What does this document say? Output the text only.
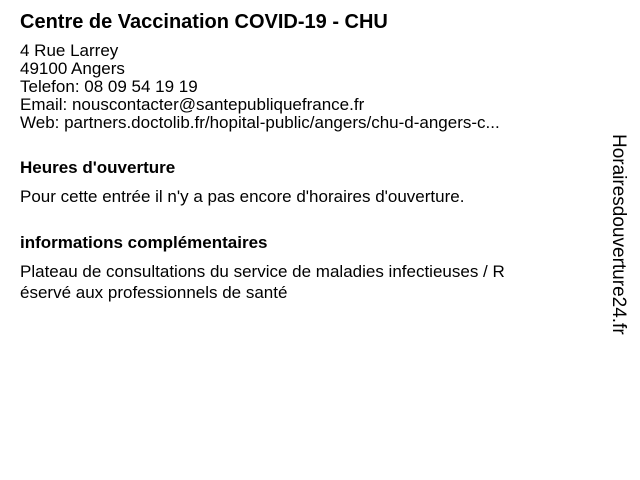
Centre de Vaccination COVID-19 - CHU
4 Rue Larrey
49100 Angers
Telefon: 08 09 54 19 19
Email: nouscontacter@santepubliquefrance.fr
Web: partners.doctolib.fr/hopital-public/angers/chu-d-angers-c...
Heures d'ouverture
Pour cette entrée il n'y a pas encore d'horaires d'ouverture.
informations complémentaires
Plateau de consultations du service de maladies infectieuses / R
éservé aux professionnels de santé	Horairesdouverture24.fr
